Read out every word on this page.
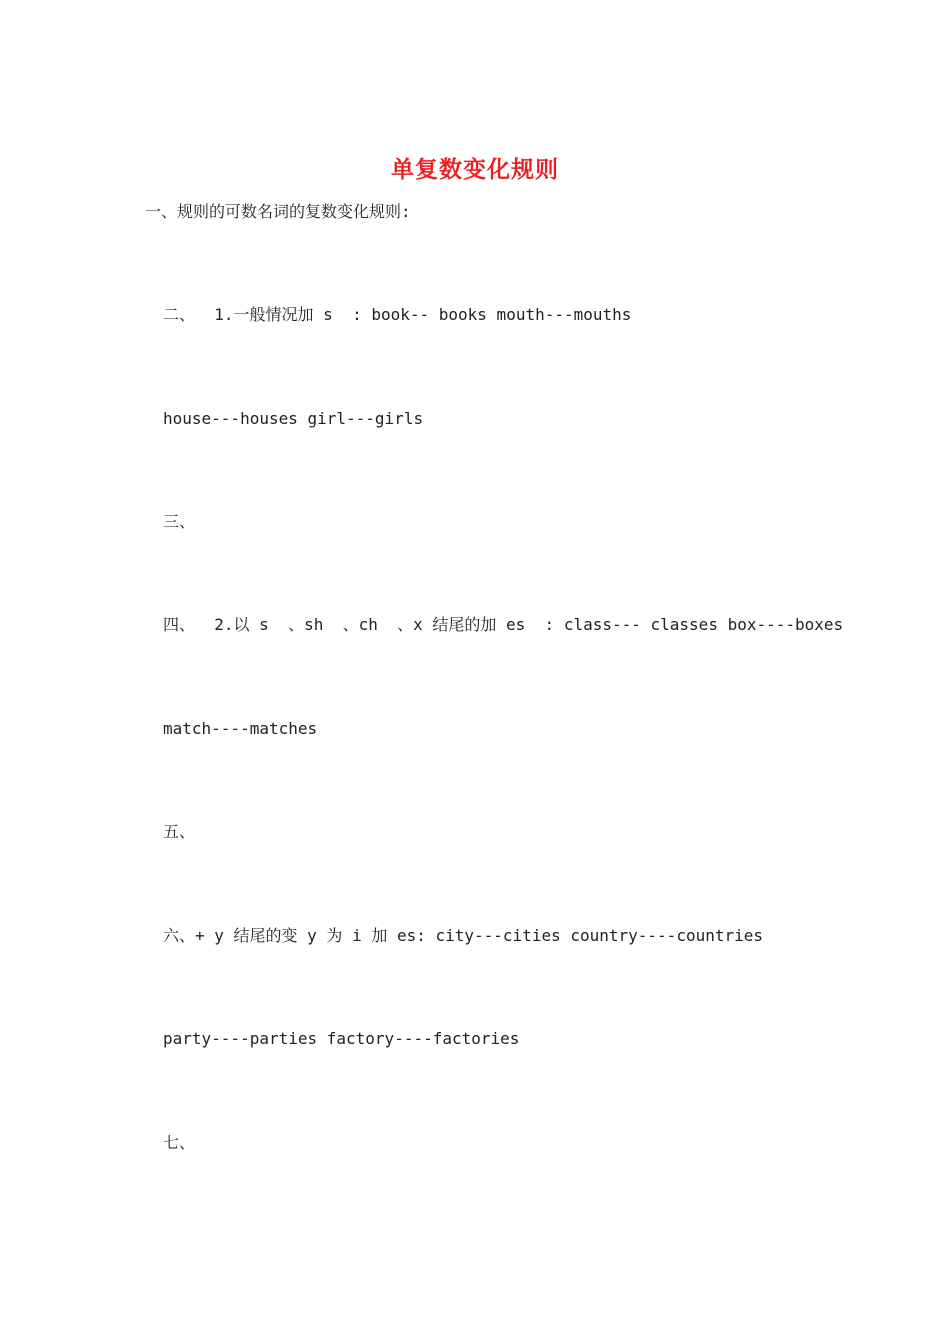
单复数变化规则
一、规则的可数名词的复数变化规则:
二、  1.一般情况加 s  : book-- books mouth---mouths
house---houses girl---girls
三、
四、  2.以 s  、sh  、ch  、x 结尾的加 es  : class--- classes box----boxes
match----matches
五、
六、+ y 结尾的变 y 为 i 加 es: city---cities country----countries
party----parties factory----factories
七、
